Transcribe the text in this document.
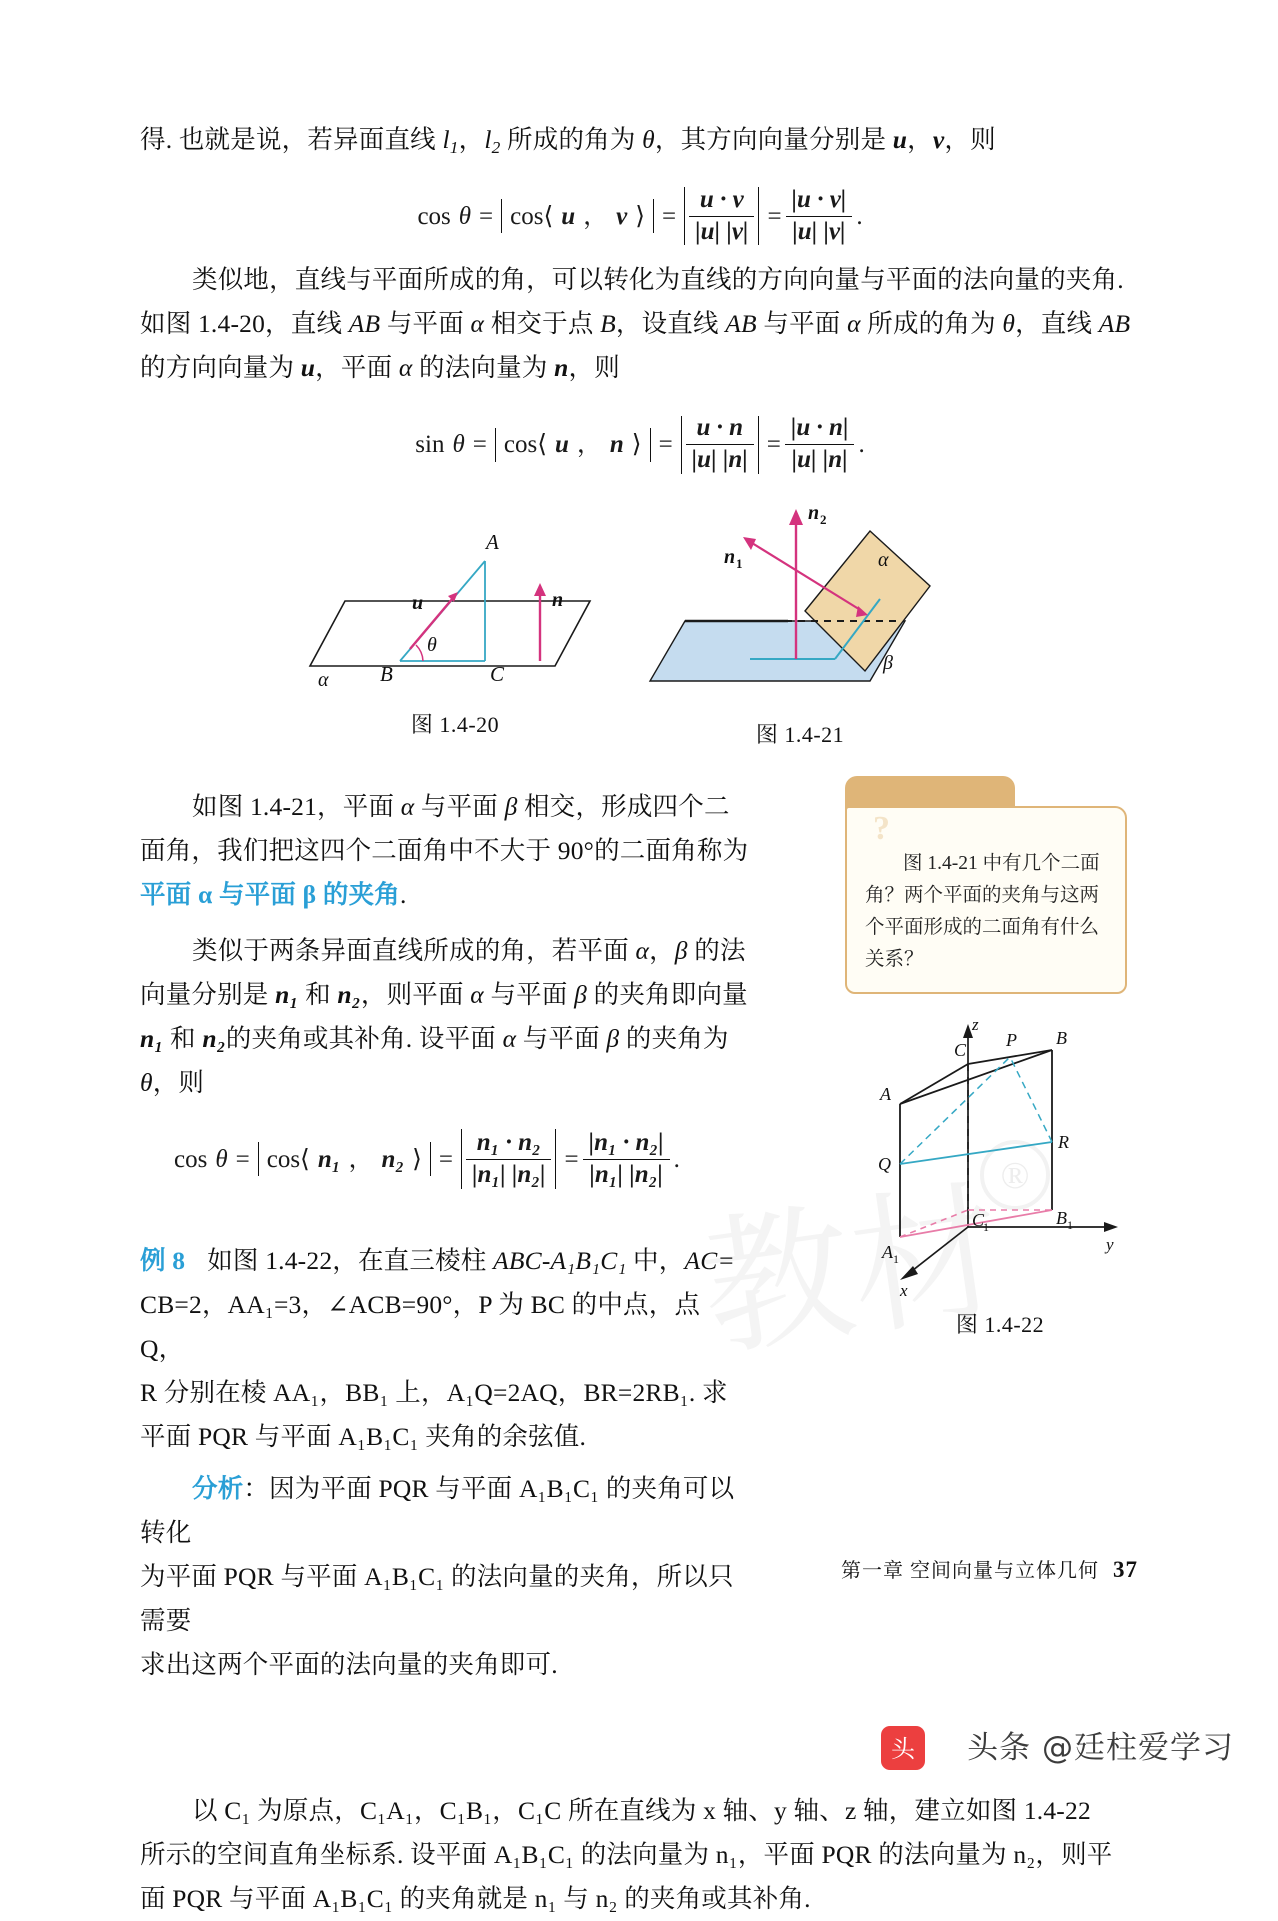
®
得. 也就是说，若异面直线 $l_1$，$l_2$ 所成的角为 θ，其方向向量分别是 u，v，则
cos θ = cos⟨ u ， v ⟩ = $\frac{u \cdot v}{|u| |v|} = \frac{|u \cdot v|}{|u| |v|}$ .
类似地，直线与平面所成的角，可以转化为直线的方向向量与平面的法向量的夹角.
如图 1.4-20，直线 AB 与平面 α 相交于点 B，设直线 AB 与平面 α 所成的角为 θ，直线 AB
的方向向量为 u，平面 α 的法向量为 n，则
sin θ = cos⟨ u ， n ⟩ = $\frac{u \cdot n}{|u| |n|} = \frac{|u \cdot n|}{|u| |n|}$ .
A
B	C
u	n
θ
α
图 1.4-20
n 2
n 1	α
β
图 1.4-21
如图 1.4-21，平面 α 与平面 β 相交，形成四个二面角，我们把这四个二面角中不大于 90°的二面角称为平面 α 与平面 β 的夹角.
类似于两条异面直线所成的角，若平面 α，β 的法向量分别是 n₁ 和 n₂，则平面 α 与平面 β 的夹角即向量 n₁ 和 n₂的夹角或其补角. 设平面 α 与平面 β 的夹角为 θ，则
cos θ = cos⟨ n₁ ， n₂ ⟩ = $\frac{\text{n₁ · n₂}}{\text{|n₁| |n₂|}} = \frac{\text{|n₁ · n₂|}}{\text{|n₁| |n₂|}}$ .
例 8 如图 1.4-22，在直三棱柱 ABC-A₁B₁C₁ 中，AC=
CB=2，AA₁=3，∠ACB=90°，P 为 BC 的中点，点 Q，
R 分别在棱 AA₁，BB₁ 上，A₁Q=2AQ，BR=2RB₁. 求
平面 PQR 与平面 A₁B₁C₁ 夹角的余弦值.
分析：因为平面 PQR 与平面 A₁B₁C₁ 的夹角可以转化
为平面 PQR 与平面 A₁B₁C₁ 的法向量的夹角，所以只需要
求出这两个平面的法向量的夹角即可.
以 C₁ 为原点，C₁A₁，C₁B₁，C₁C 所在直线为 x 轴、y 轴、z 轴，建立如图 1.4-22
所示的空间直角坐标系. 设平面 A₁B₁C₁ 的法向量为 n₁，平面 PQR 的法向量为 n₂，则平
面 PQR 与平面 A₁B₁C₁ 的夹角就是 n₁ 与 n₂ 的夹角或其补角.
?
图 1.4-21 中有几个二面角？两个平面的夹角与这两个平面形成的二面角有什么关系？
z
y
x
C P B
A
Q
R
A 1
C
1	B 1
图 1.4-22
第一章 空间向量与立体几何 37
头 头条 @廷柱爱学习
